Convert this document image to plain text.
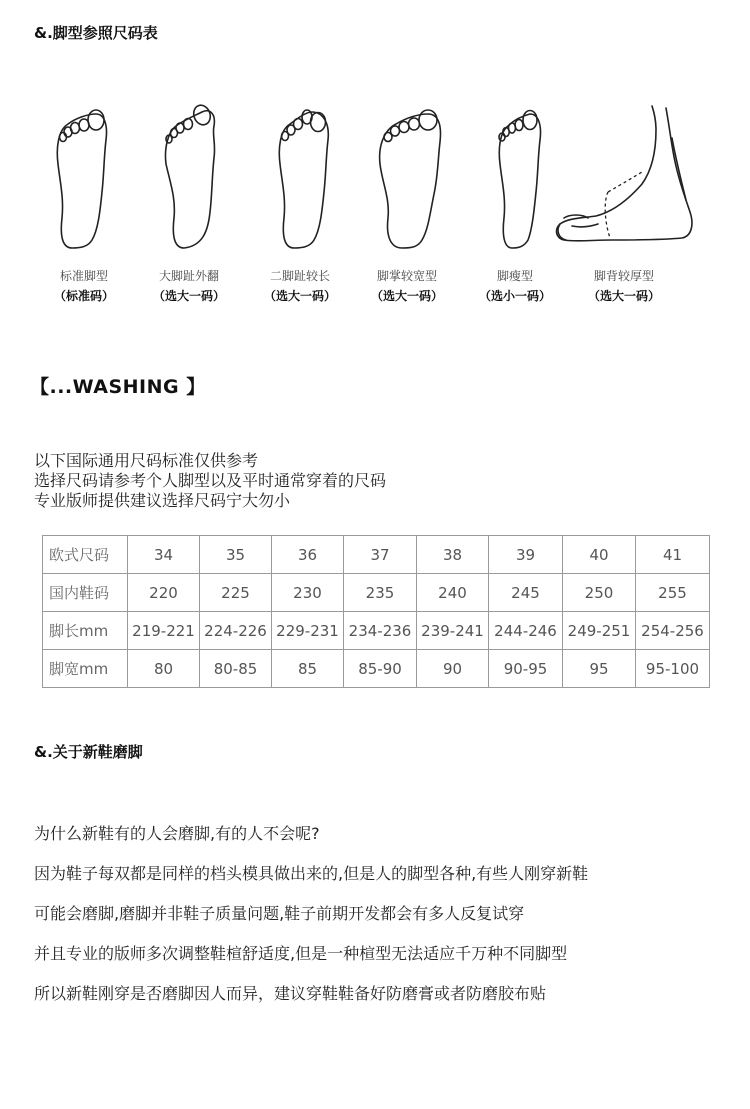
&.脚型参照尺码表
标准脚型	大脚趾外翻	二脚趾较长	脚掌较宽型	脚瘦型	脚背较厚型
（标准码）	（选大一码）	（选大一码）	（选大一码）	（选小一码）	（选大一码）
【...WASHING 】
以下国际通用尺码标准仅供参考
选择尺码请参考个人脚型以及平时通常穿着的尺码
专业版师提供建议选择尺码宁大勿小
欧式尺码	34	35	36	37	38	39	40	41
国内鞋码	220	225	230	235	240	245	250	255
脚长mm	219-221	224-226	229-231	234-236	239-241	244-246	249-251	254-256
脚宽mm	80	80-85	85	85-90	90	90-95	95	95-100
&.关于新鞋磨脚
为什么新鞋有的人会磨脚,有的人不会呢?
因为鞋子每双都是同样的档头模具做出来的,但是人的脚型各种,有些人刚穿新鞋
可能会磨脚,磨脚并非鞋子质量问题,鞋子前期开发都会有多人反复试穿
并且专业的版师多次调整鞋楦舒适度,但是一种楦型无法适应千万种不同脚型
所以新鞋刚穿是否磨脚因人而异，建议穿鞋鞋备好防磨膏或者防磨胶布贴
